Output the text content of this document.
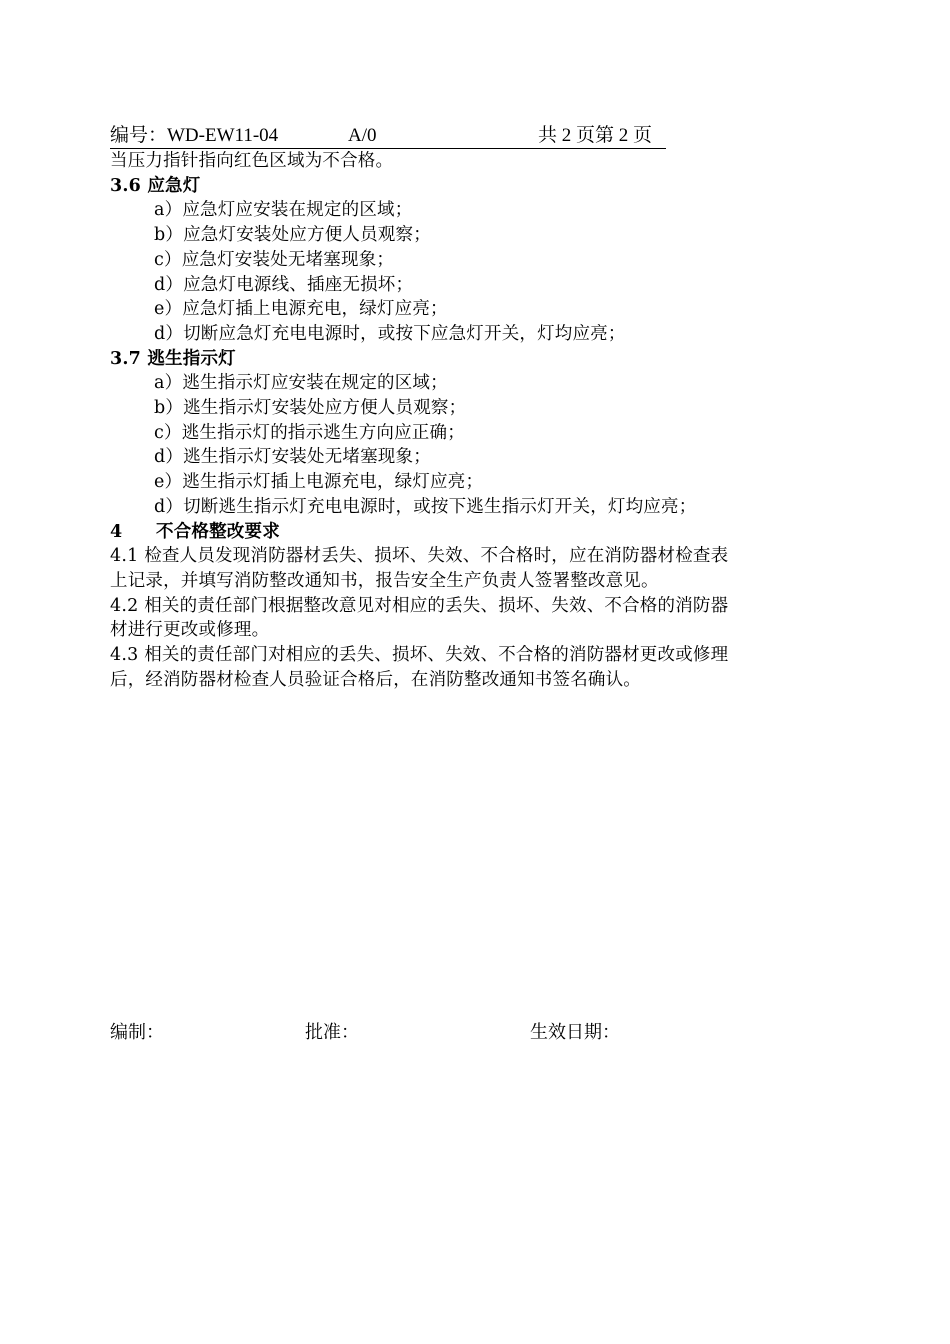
编号：WD-EW11-04	A/0	共 2 页第 2 页
当压力指针指向红色区域为不合格。
3.6 应急灯
a）应急灯应安装在规定的区域；
b）应急灯安装处应方便人员观察；
c）应急灯安装处无堵塞现象；
d）应急灯电源线、插座无损坏；
e）应急灯插上电源充电，绿灯应亮；
d）切断应急灯充电电源时，或按下应急灯开关，灯均应亮；
3.7 逃生指示灯
a）逃生指示灯应安装在规定的区域；
b）逃生指示灯安装处应方便人员观察；
c）逃生指示灯的指示逃生方向应正确；
d）逃生指示灯安装处无堵塞现象；
e）逃生指示灯插上电源充电，绿灯应亮；
d）切断逃生指示灯充电电源时，或按下逃生指示灯开关，灯均应亮；
4 不合格整改要求
4.1 检查人员发现消防器材丢失、损坏、失效、不合格时，应在消防器材检查表
上记录，并填写消防整改通知书，报告安全生产负责人签署整改意见。
4.2 相关的责任部门根据整改意见对相应的丢失、损坏、失效、不合格的消防器
材进行更改或修理。
4.3 相关的责任部门对相应的丢失、损坏、失效、不合格的消防器材更改或修理
后，经消防器材检查人员验证合格后，在消防整改通知书签名确认。
编制：	批准：	生效日期：
